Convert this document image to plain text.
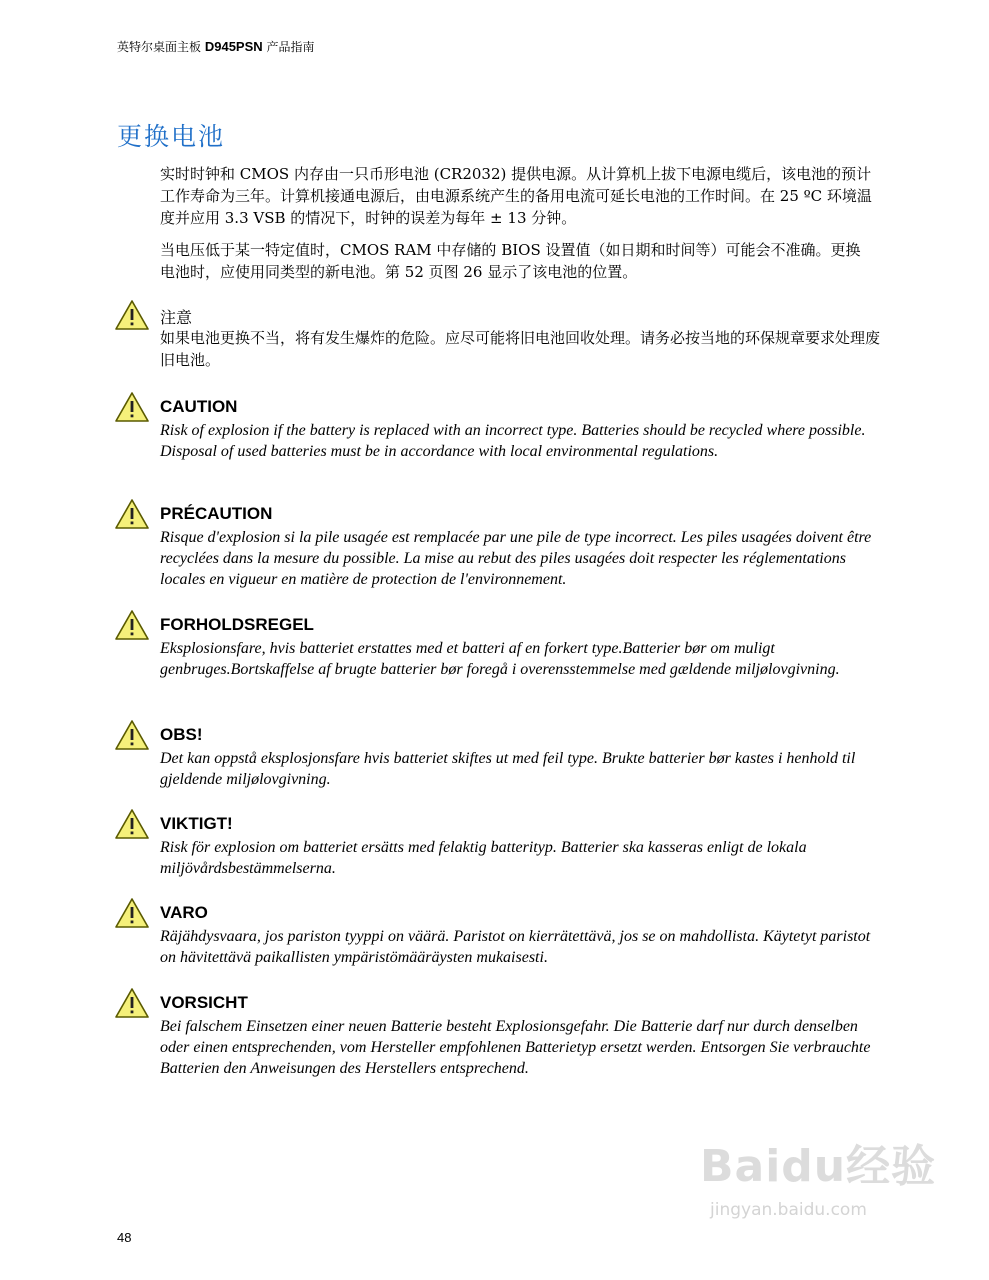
英特尔桌面主板 D945PSN 产品指南
更换电池

实时时钟和 CMOS 内存由一只币形电池 (CR2032) 提供电源。从计算机上拔下电源电缆后，该电池的预计工作寿命为三年。计算机接通电源后，由电源系统产生的备用电流可延长电池的工作时间。在 25 ºC 环境温度并应用 3.3 VSB 的情况下，时钟的误差为每年 ± 13 分钟。

当电压低于某一特定值时，CMOS RAM 中存储的 BIOS 设置值（如日期和时间等）可能会不准确。更换电池时，应使用同类型的新电池。第 52 页图 26 显示了该电池的位置。

注意

如果电池更换不当，将有发生爆炸的危险。应尽可能将旧电池回收处理。请务必按当地的环保规章要求处理废旧电池。

CAUTION

Risk of explosion if the battery is replaced with an incorrect type. Batteries should be recycled where possible. Disposal of used batteries must be in accordance with local environmental regulations.

PRÉCAUTION

Risque d'explosion si la pile usagée est remplacée par une pile de type incorrect. Les piles usagées doivent être recyclées dans la mesure du possible. La mise au rebut des piles usagées doit respecter les réglementations locales en vigueur en matière de protection de l'environnement.

FORHOLDSREGEL

Eksplosionsfare, hvis batteriet erstattes med et batteri af en forkert type.Batterier bør om muligt genbruges.Bortskaffelse af brugte batterier bør foregå i overensstemmelse med gældende miljølovgivning.

OBS!

Det kan oppstå eksplosjonsfare hvis batteriet skiftes ut med feil type. Brukte batterier bør kastes i henhold til gjeldende miljølovgivning.

VIKTIGT!

Risk för explosion om batteriet ersätts med felaktig batterityp. Batterier ska kasseras enligt de lokala miljövårdsbestämmelserna.

VARO

Räjähdysvaara, jos pariston tyyppi on väärä. Paristot on kierrätettävä, jos se on mahdollista. Käytetyt paristot on hävitettävä paikallisten ympäristömääräysten mukaisesti.

VORSICHT

Bei falschem Einsetzen einer neuen Batterie besteht Explosionsgefahr. Die Batterie darf nur durch denselben oder einen entsprechenden, vom Hersteller empfohlenen Batterietyp ersetzt werden. Entsorgen Sie verbrauchte Batterien den Anweisungen des Herstellers entsprechend.

Baidu经验
jingyan.baidu.com
48
